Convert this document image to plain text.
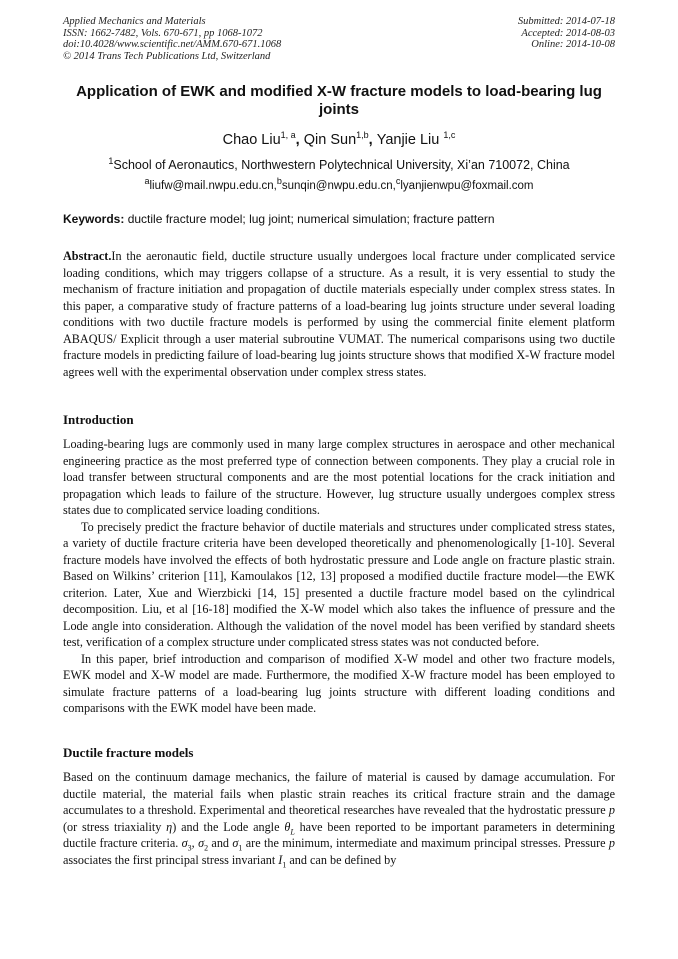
Applied Mechanics and Materials
ISSN: 1662-7482, Vols. 670-671, pp 1068-1072
doi:10.4028/www.scientific.net/AMM.670-671.1068
© 2014 Trans Tech Publications Ltd, Switzerland
Submitted: 2014-07-18
Accepted: 2014-08-03
Online: 2014-10-08
Application of EWK and modified X-W fracture models to load-bearing lug joints
Chao Liu$^{1, a}$, Qin Sun$^{1,b}$, Yanjie Liu $^{1,c}$
$^1$School of Aeronautics, Northwestern Polytechnical University, Xi’an 710072, China
$^a$liufw@mail.nwpu.edu.cn,$^b$sunqin@nwpu.edu.cn,$^c$lyanjienwpu@foxmail.com
Keywords: ductile fracture model; lug joint; numerical simulation; fracture pattern

Abstract.In the aeronautic field, ductile structure usually undergoes local fracture under complicated service loading conditions, which may triggers collapse of a structure. As a result, it is very essential to study the mechanism of fracture initiation and propagation of ductile materials especially under complex stress states. In this paper, a comparative study of fracture patterns of a load-bearing lug joints structure under several loading conditions with two ductile fracture models is performed by using the commercial finite element platform ABAQUS/ Explicit through a user material subroutine VUMAT. The numerical comparisons using two ductile fracture models in predicting failure of load-bearing lug joints structure shows that modified X-W fracture model agrees well with the experimental observation under complex stress states.

Introduction

Loading-bearing lugs are commonly used in many large complex structures in aerospace and other mechanical engineering practice as the most preferred type of connection between components. They play a crucial role in load transfer between structural components and are the most potential locations for the crack initiation and propagation which leads to failure of the structure. However, lug structure usually undergoes complex stress states due to complicated service loading conditions.

To precisely predict the fracture behavior of ductile materials and structures under complicated stress states, a variety of ductile fracture criteria have been developed theoretically and phenomenologically [1-10]. Several fracture models have involved the effects of both hydrostatic pressure and Lode angle on fracture plastic strain. Based on Wilkins’ criterion [11], Kamoulakos [12, 13] proposed a modified ductile fracture model—the EWK criterion. Later, Xue and Wierzbicki [14, 15] presented a ductile fracture model based on the cylindrical decomposition. Liu, et al [16-18] modified the X-W model which also takes the influence of pressure and the Lode angle into consideration. Although the validation of the novel model has been verified by standard sheets test, verification of a complex structure under complicated stress states was not conducted before.

In this paper, brief introduction and comparison of modified X-W model and other two fracture models, EWK model and X-W model are made. Furthermore, the modified X-W fracture model has been employed to simulate fracture patterns of a load-bearing lug joints structure with different loading conditions and comparisons with the EWK model have been made.

Ductile fracture models

Based on the continuum damage mechanics, the failure of material is caused by damage accumulation. For ductile material, the material fails when plastic strain reaches its critical fracture strain and the damage accumulates to a threshold. Experimental and theoretical researches have revealed that the hydrostatic pressure p (or stress triaxiality η) and the Lode angle $\theta_L$ have been reported to be important parameters in determining ductile fracture criteria. $\sigma_3$, $\sigma_2$ and $\sigma_1$ are the minimum, intermediate and maximum principal stresses. Pressure p associates the first principal stress invariant $I_1$ and can be defined by
